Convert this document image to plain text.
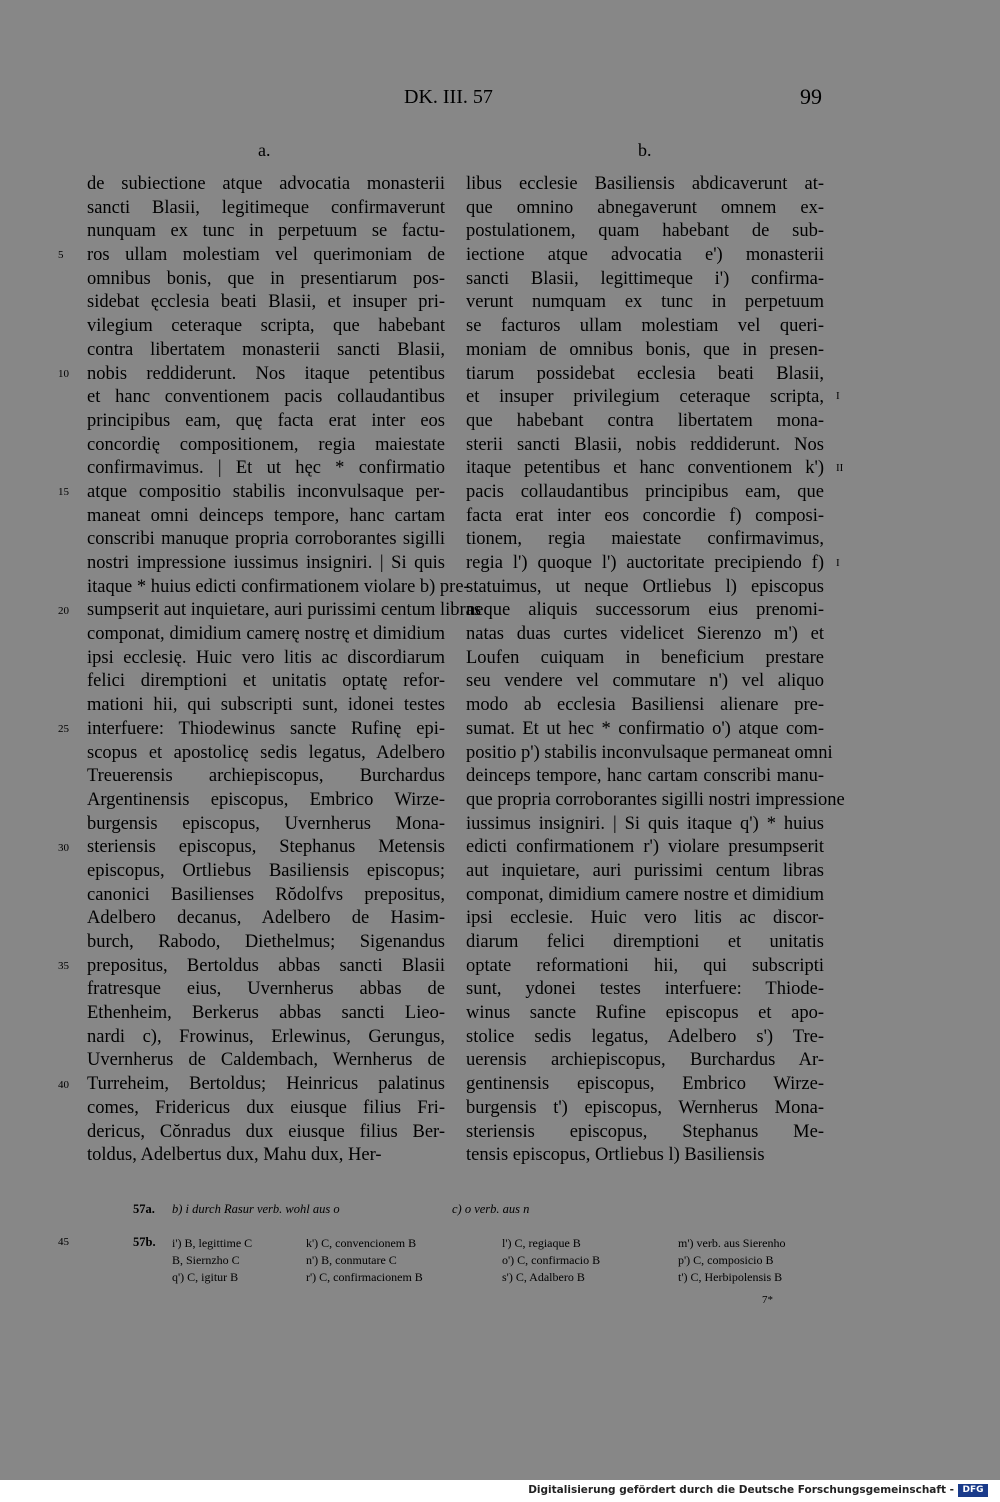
DK. III. 57	99
a.	b.
de subiectione atque advocatia monasterii
sancti Blasii, legitimeque confirmaverunt
nunquam ex tunc in perpetuum se factu-
ros ullam molestiam vel querimoniam de
omnibus bonis, que in presentiarum pos-
sidebat ęcclesia beati Blasii, et insuper pri-
vilegium ceteraque scripta, que habebant
contra libertatem monasterii sancti Blasii,
nobis reddiderunt. Nos itaque petentibus
et hanc conventionem pacis collaudantibus
principibus eam, quę facta erat inter eos
concordię compositionem, regia maiestate
confirmavimus. | Et ut hęc * confirmatio
atque compositio stabilis inconvulsaque per-
maneat omni deinceps tempore, hanc cartam
conscribi manuque propria corroborantes sigilli
nostri impressione iussimus insigniri. | Si quis
itaque * huius edicti confirmationem violare b) pre-
sumpserit aut inquietare, auri purissimi centum libras
componat, dimidium camerę nostrę et dimidium
ipsi ecclesię. Huic vero litis ac discordiarum
felici diremptioni et unitatis optatę refor-
mationi hii, qui subscripti sunt, idonei testes
interfuere: Thiodewinus sancte Rufinę epi-
scopus et apostolicę sedis legatus, Adelbero
Treuerensis archiepiscopus, Burchardus
Argentinensis episcopus, Embrico Wirze-
burgensis episcopus, Uvernherus Mona-
steriensis episcopus, Stephanus Metensis
episcopus, Ortliebus Basiliensis episcopus;
canonici Basilienses Rŏdolfvs prepositus,
Adelbero decanus, Adelbero de Hasim-
burch, Rabodo, Diethelmus; Sigenandus
prepositus, Bertoldus abbas sancti Blasii
fratresque eius, Uvernherus abbas de
Ethenheim, Berkerus abbas sancti Lieo-
nardi c), Frowinus, Erlewinus, Gerungus,
Uvernherus de Caldembach, Wernherus de
Turreheim, Bertoldus; Heinricus palatinus
comes, Fridericus dux eiusque filius Fri-
dericus, Cŏnradus dux eiusque filius Ber-
toldus, Adelbertus dux, Mahu dux, Her-
libus ecclesie Basiliensis abdicaverunt at-
que omnino abnegaverunt omnem ex-
postulationem, quam habebant de sub-
iectione atque advocatia e') monasterii
sancti Blasii, legittimeque i') confirma-
verunt numquam ex tunc in perpetuum
se facturos ullam molestiam vel queri-
moniam de omnibus bonis, que in presen-
tiarum possidebat ecclesia beati Blasii,
et insuper privilegium ceteraque scripta,
que habebant contra libertatem mona-
sterii sancti Blasii, nobis reddiderunt. Nos
itaque petentibus et hanc conventionem k')
pacis collaudantibus principibus eam, que
facta erat inter eos concordie f) composi-
tionem, regia maiestate confirmavimus,
regia l') quoque l') auctoritate precipiendo f)
statuimus, ut neque Ortliebus l) episcopus
neque aliquis successorum eius prenomi-
natas duas curtes videlicet Sierenzo m') et
Loufen cuiquam in beneficium prestare
seu vendere vel commutare n') vel aliquo
modo ab ecclesia Basiliensi alienare pre-
sumat. Et ut hec * confirmatio o') atque com-
positio p') stabilis inconvulsaque permaneat omni
deinceps tempore, hanc cartam conscribi manu-
que propria corroborantes sigilli nostri impressione
iussimus insigniri. | Si quis itaque q') * huius
edicti confirmationem r') violare presumpserit
aut inquietare, auri purissimi centum libras
componat, dimidium camere nostre et dimidium
ipsi ecclesie. Huic vero litis ac discor-
diarum felici diremptioni et unitatis
optate reformationi hii, qui subscripti
sunt, ydonei testes interfuere: Thiode-
winus sancte Rufine episcopus et apo-
stolice sedis legatus, Adelbero s') Tre-
uerensis archiepiscopus, Burchardus Ar-
gentinensis episcopus, Embrico Wirze-
burgensis t') episcopus, Wernherus Mona-
steriensis episcopus, Stephanus Me-
tensis episcopus, Ortliebus l) Basiliensis
5
10
15
20
25
30
35
40
I
II
I
57a. b) i durch Rasur verb. wohl aus o	c) o verb. aus n
45	57b. i') B, legittime C	k') C, convencionem B	l') C, regiaque B	m') verb. aus Sierenho
B, Siernzho C	n') B, conmutare C	o') C, confirmacio B	p') C, composicio B
q') C, igitur B	r') C, confirmacionem B	s') C, Adalbero B	t') C, Herbipolensis B
7*
Digitalisierung gefördert durch die Deutsche Forschungsgemeinschaft - DFG
